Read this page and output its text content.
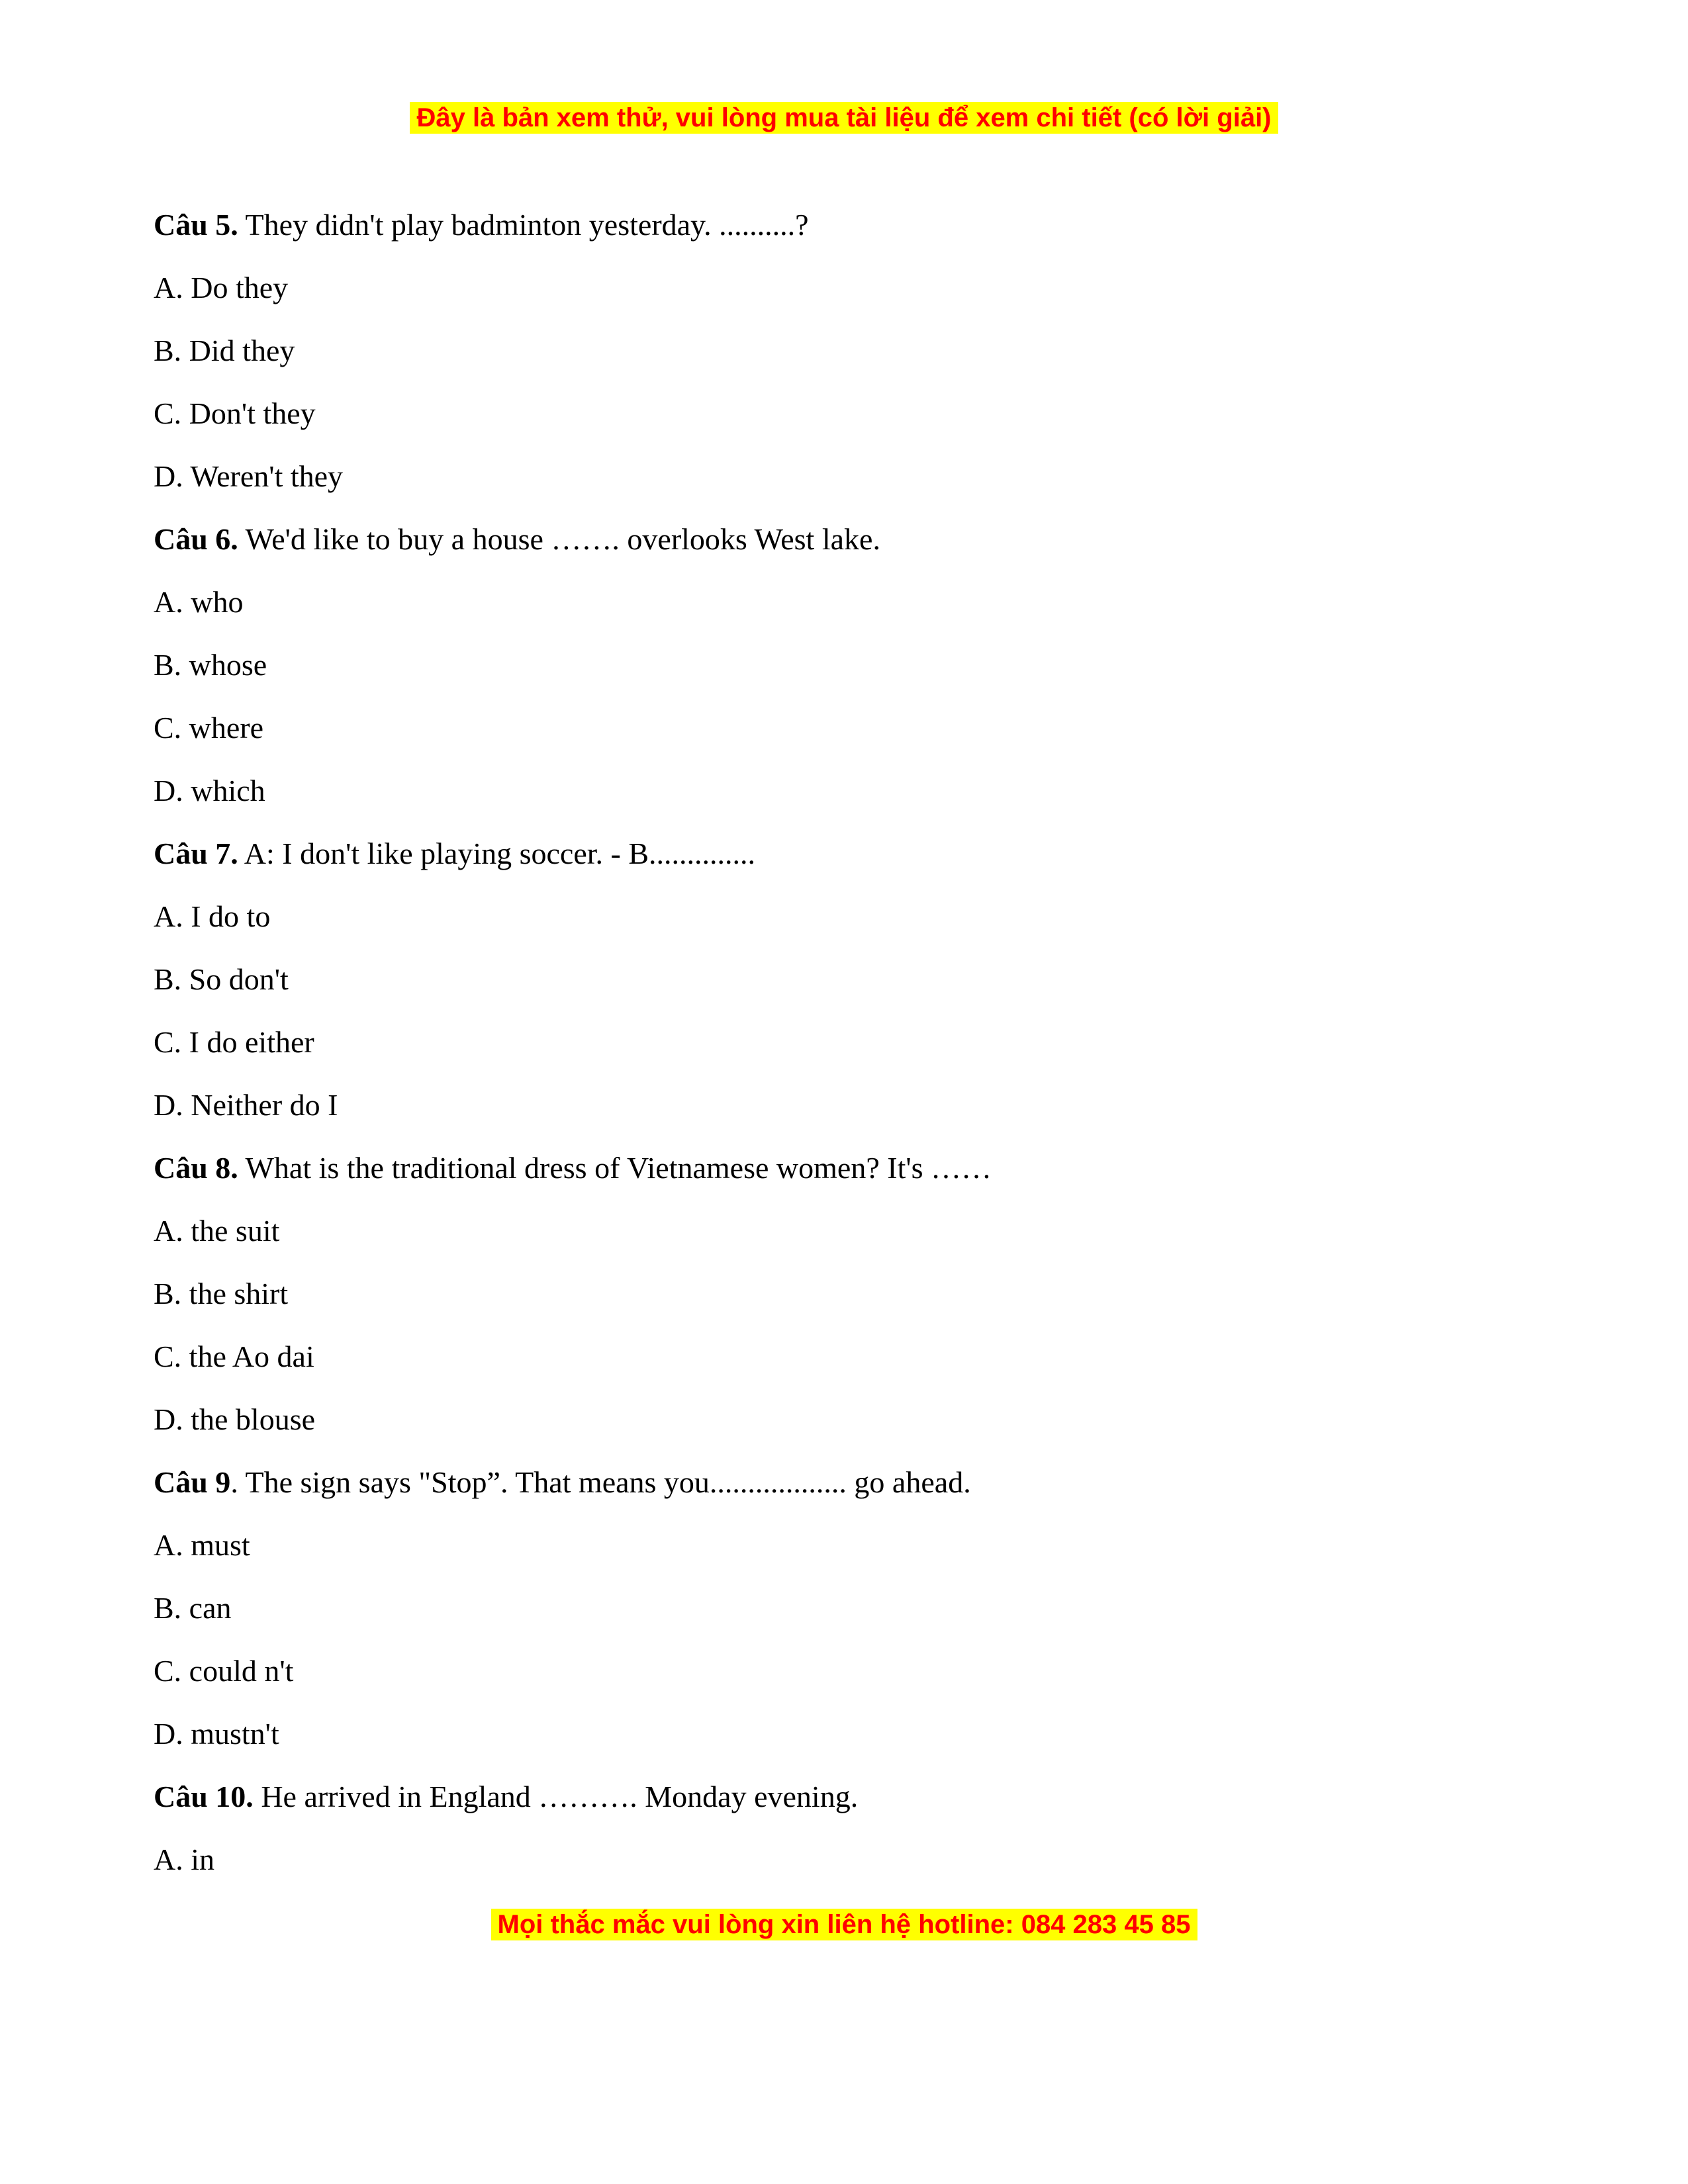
Đây là bản xem thử, vui lòng mua tài liệu để xem chi tiết (có lời giải)

Câu 5. They didn't play badminton yesterday. ..........?

A. Do they

B. Did they

C. Don't they

D. Weren't they

Câu 6. We'd like to buy a house ……. overlooks West lake.

A. who

B. whose

C. where

D. which

Câu 7. A: I don't like playing soccer. - B..............

A. I do to

B. So don't

C. I do either

D. Neither do I

Câu 8. What is the traditional dress of Vietnamese women? It's ……

A. the suit

B. the shirt

C. the Ao dai

D. the blouse

Câu 9. The sign says "Stop”. That means you.................. go ahead.

A. must

B. can

C. could n't

D. mustn't

Câu 10. He arrived in England ………. Monday evening.

A. in

Mọi thắc mắc vui lòng xin liên hệ hotline: 084 283 45 85
